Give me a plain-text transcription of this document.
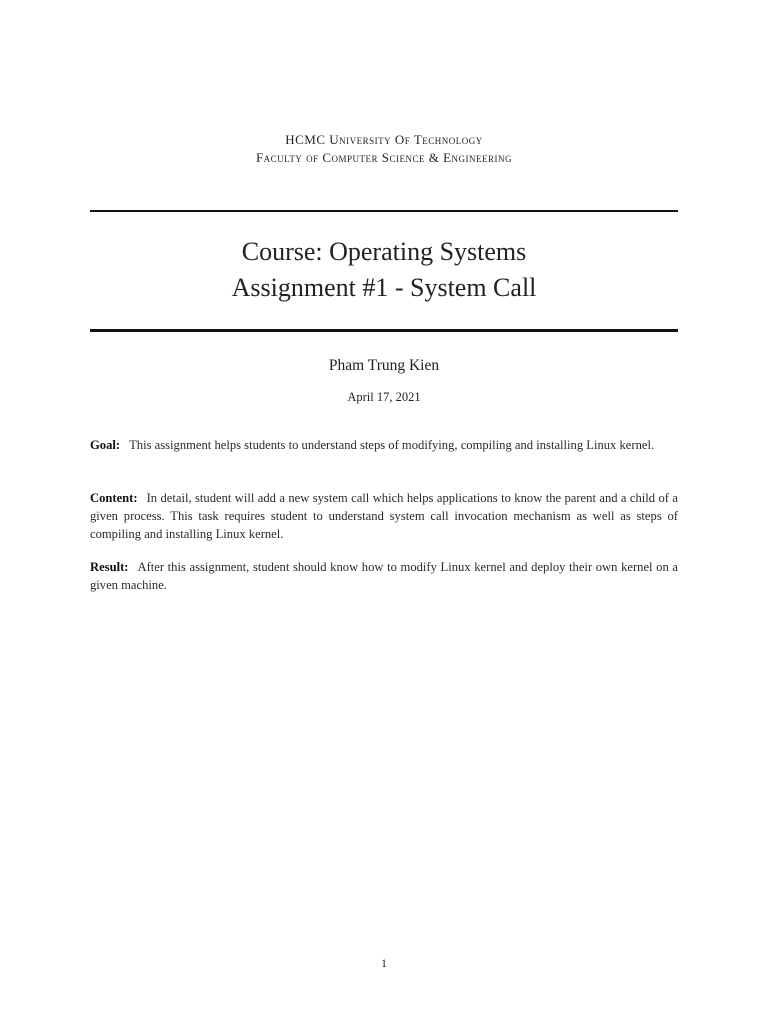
HCMC University Of Technology
Faculty of Computer Science & Engineering
Course: Operating Systems
Assignment #1 - System Call
Pham Trung Kien
April 17, 2021
Goal: This assignment helps students to understand steps of modifying, compiling and installing Linux kernel.
Content: In detail, student will add a new system call which helps applications to know the parent and a child of a given process. This task requires student to understand system call invocation mechanism as well as steps of compiling and installing Linux kernel.
Result: After this assignment, student should know how to modify Linux kernel and deploy their own kernel on a given machine.
1
